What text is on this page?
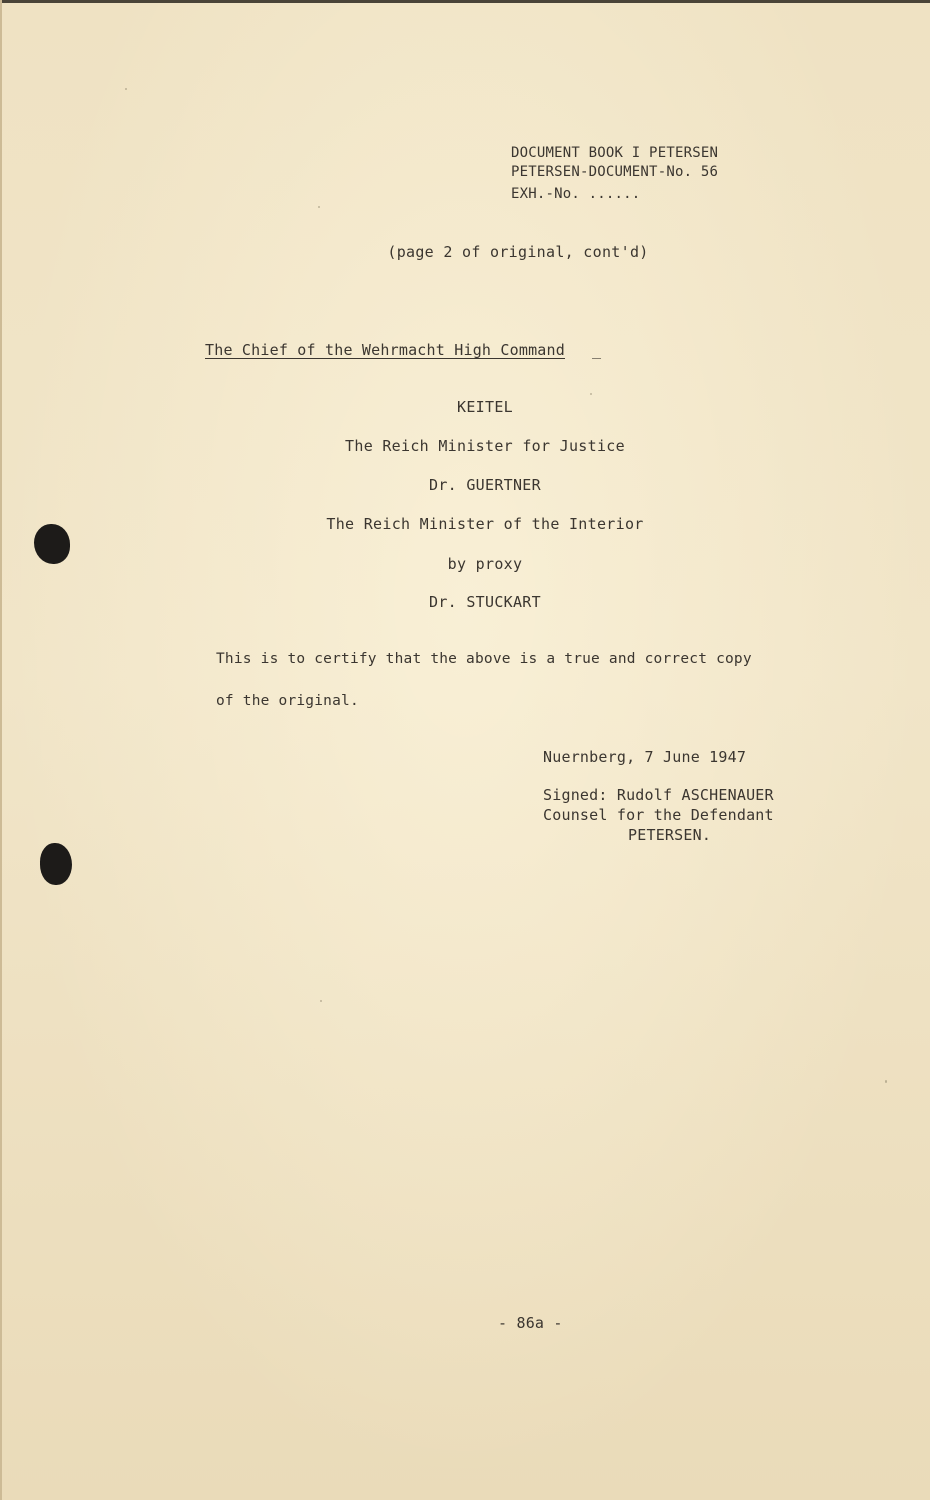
DOCUMENT BOOK I PETERSEN
PETERSEN-DOCUMENT-No. 56
EXH.-No. ......
(page 2 of original, cont'd)
The Chief of the Wehrmacht High Command _
KEITEL
The Reich Minister for Justice
Dr. GUERTNER
The Reich Minister of the Interior
by proxy
Dr. STUCKART
This is to certify that the above is a true and correct copy
of the original.
Nuernberg, 7 June 1947
Signed: Rudolf ASCHENAUER
Counsel for the Defendant
PETERSEN.
- 86a -
